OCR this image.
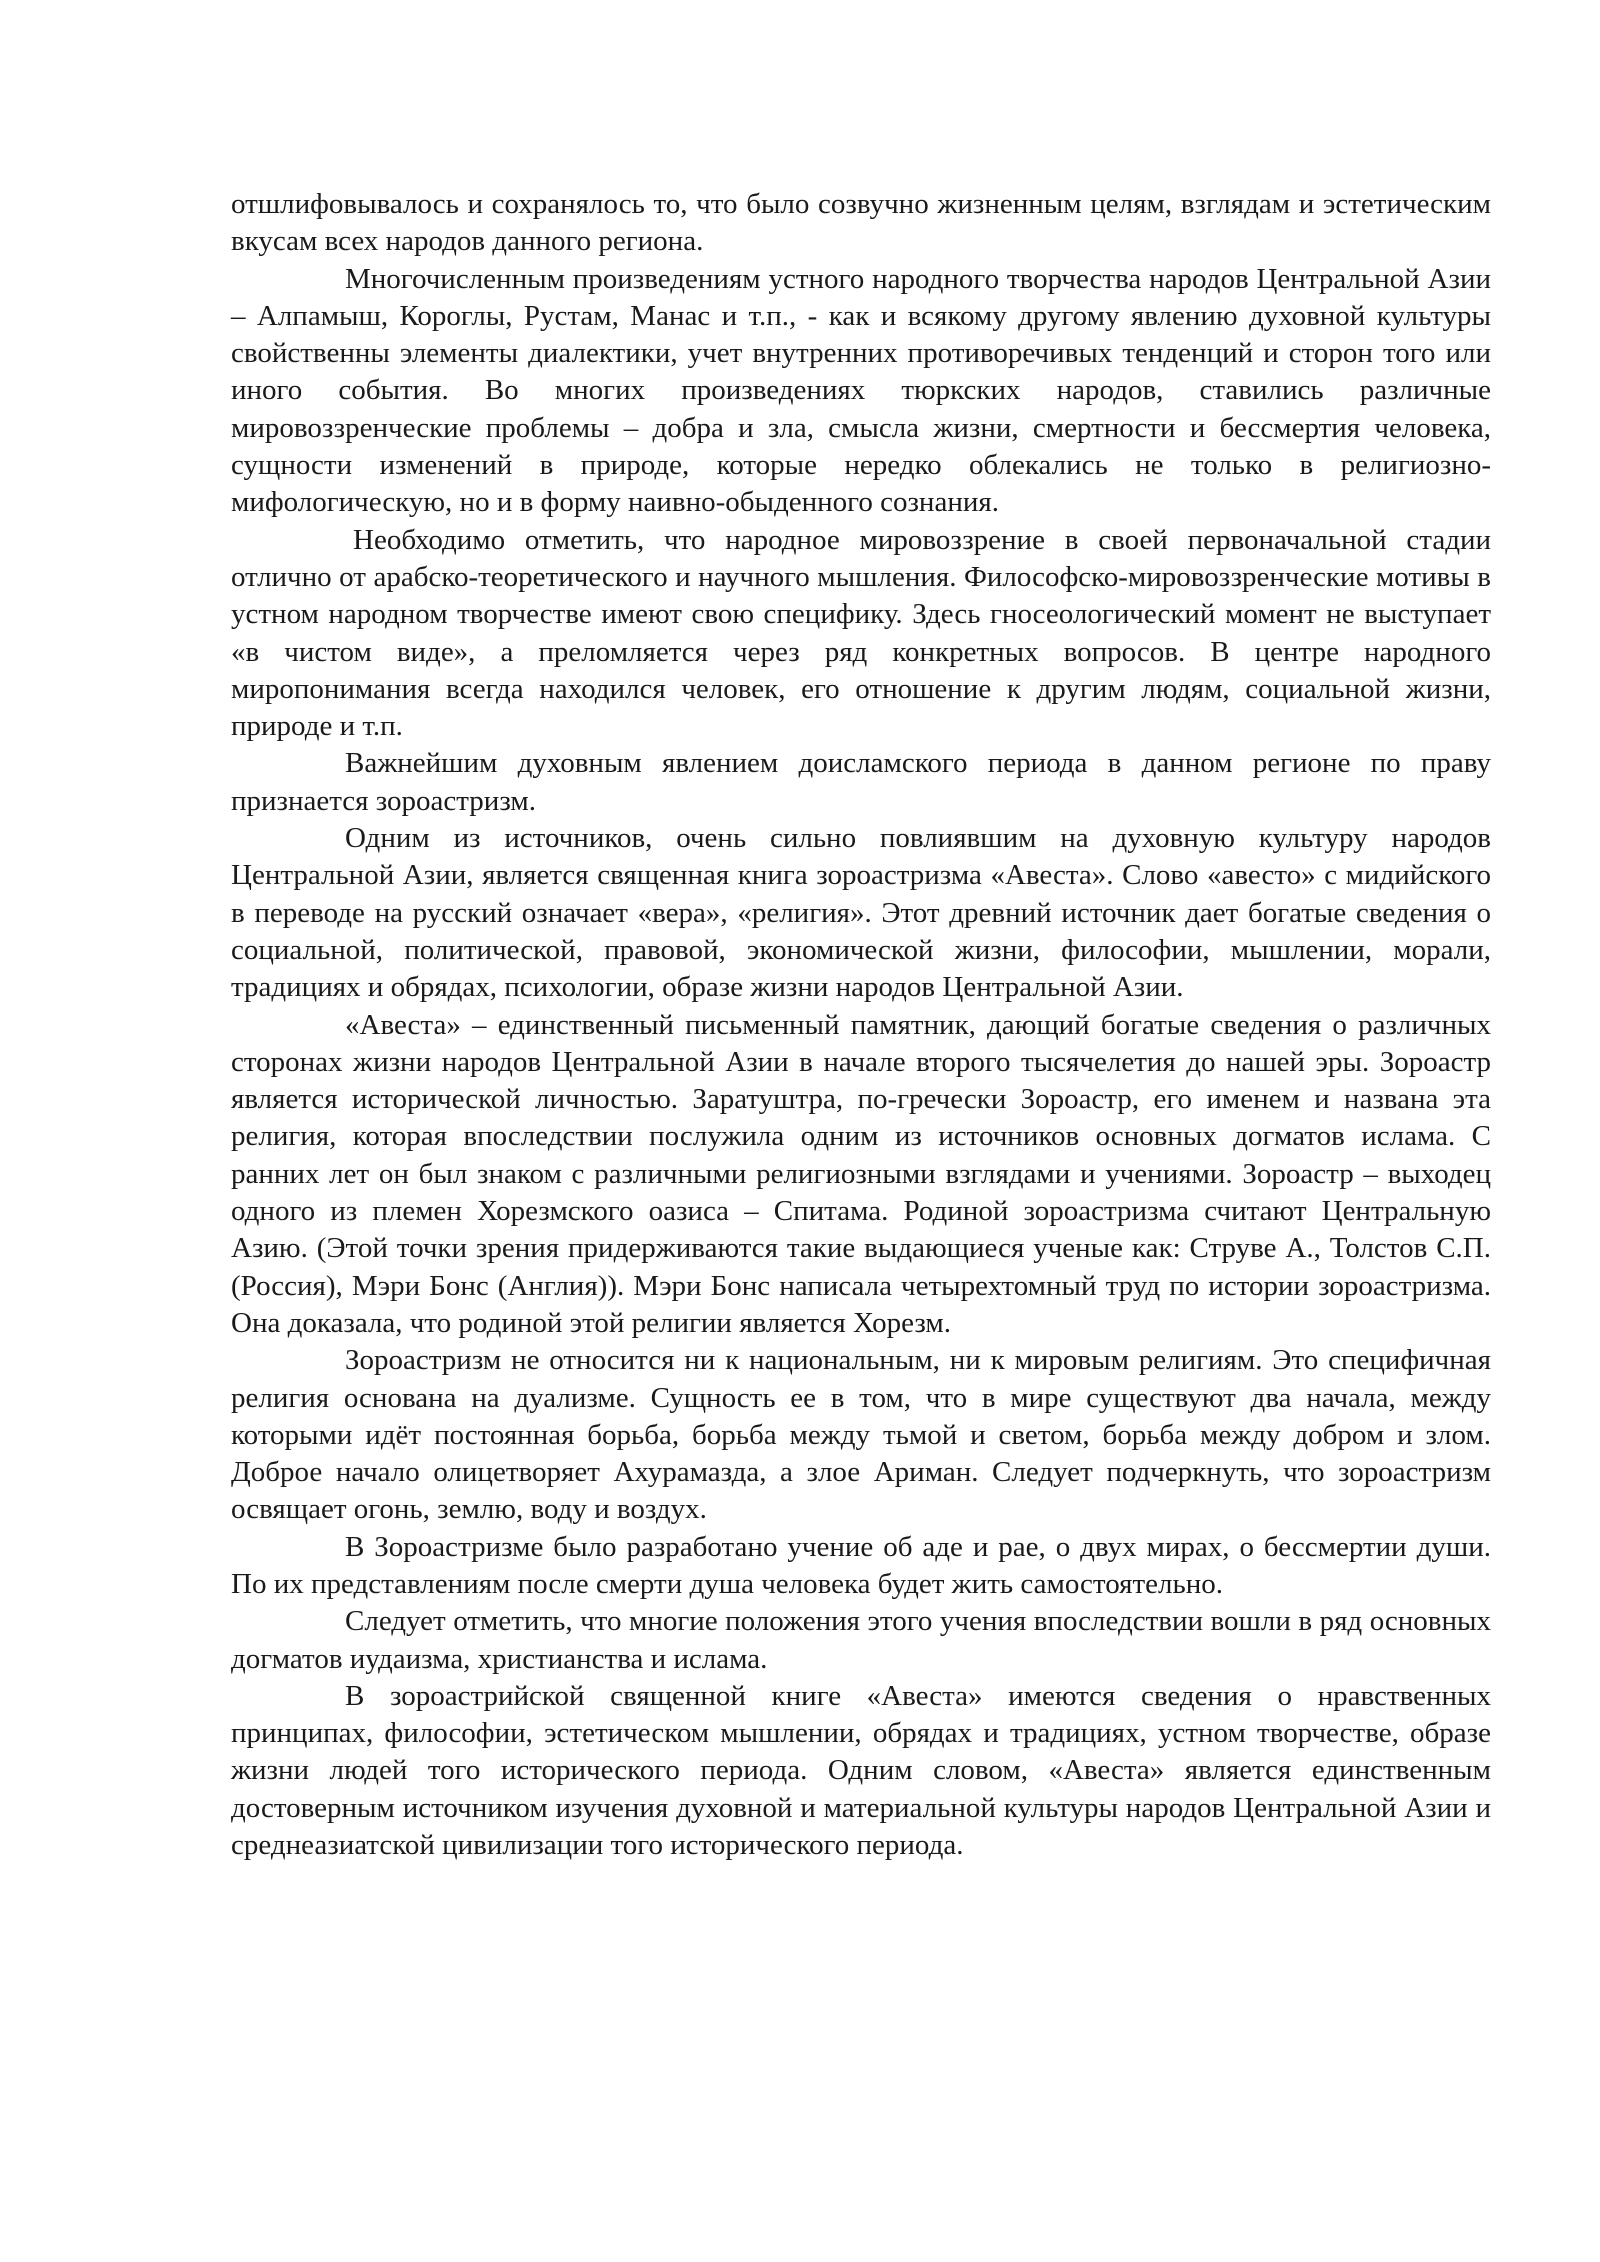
отшлифовывалось и сохранялось то, что было созвучно жизненным целям, взглядам и эстетическим вкусам всех народов данного региона.

Многочисленным произведениям устного народного творчества народов Центральной Азии – Алпамыш, Короглы, Рустам, Манас и т.п., - как и всякому другому явлению духовной культуры свойственны элементы диалектики, учет внутренних противоречивых тенденций и сторон того или иного события. Во многих произведениях тюркских народов, ставились различные мировоззренческие проблемы – добра и зла, смысла жизни, смертности и бессмертия человека, сущности изменений в природе, которые нередко облекались не только в религиозно-мифологическую, но и в форму наивно-обыденного сознания.

Необходимо отметить, что народное мировоззрение в своей первоначальной стадии отлично от арабско-теоретического и научного мышления. Философско-мировоззренческие мотивы в устном народном творчестве имеют свою специфику. Здесь гносеологический момент не выступает «в чистом виде», а преломляется через ряд конкретных вопросов. В центре народного миропонимания всегда находился человек, его отношение к другим людям, социальной жизни, природе и т.п.

Важнейшим духовным явлением доисламского периода в данном регионе по праву признается зороастризм.

Одним из источников, очень сильно повлиявшим на духовную культуру народов Центральной Азии, является священная книга зороастризма «Авеста». Слово «авесто» с мидийского в переводе на русский означает «вера», «религия». Этот древний источник дает богатые сведения о социальной, политической, правовой, экономической жизни, философии, мышлении, морали, традициях и обрядах, психологии, образе жизни народов Центральной Азии.

«Авеста» – единственный письменный памятник, дающий богатые сведения о различных сторонах жизни народов Центральной Азии в начале второго тысячелетия до нашей эры. Зороастр является исторической личностью. Заратуштра, по-гречески Зороастр, его именем и названа эта религия, которая впоследствии послужила одним из источников основных догматов ислама. С ранних лет он был знаком с различными религиозными взглядами и учениями. Зороастр – выходец одного из племен Хорезмского оазиса – Спитама. Родиной зороастризма считают Центральную Азию. (Этой точки зрения придерживаются такие выдающиеся ученые как: Струве А., Толстов С.П. (Россия), Мэри Бонс (Англия)). Мэри Бонс написала четырехтомный труд по истории зороастризма. Она доказала, что родиной этой религии является Хорезм.

Зороастризм не относится ни к национальным, ни к мировым религиям. Это специфичная религия основана на дуализме. Сущность ее в том, что в мире существуют два начала, между которыми идёт постоянная борьба, борьба между тьмой и светом, борьба между добром и злом. Доброе начало олицетворяет Ахурамазда, а злое Ариман. Следует подчеркнуть, что зороастризм освящает огонь, землю, воду и воздух.

В Зороастризме было разработано учение об аде и рае, о двух мирах, о бессмертии души. По их представлениям после смерти душа человека будет жить самостоятельно.

Следует отметить, что многие положения этого учения впоследствии вошли в ряд основных догматов иудаизма, христианства и ислама.

В зороастрийской священной книге «Авеста» имеются сведения о нравственных принципах, философии, эстетическом мышлении, обрядах и традициях, устном творчестве, образе жизни людей того исторического периода. Одним словом, «Авеста» является единственным достоверным источником изучения духовной и материальной культуры народов Центральной Азии и среднеазиатской цивилизации того исторического периода.
